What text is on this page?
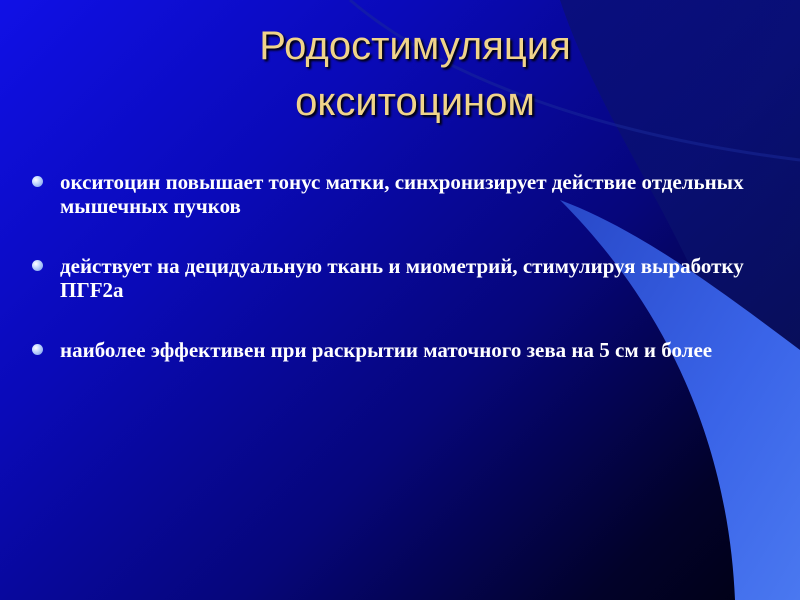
Родостимуляция
окситоцином
окситоцин повышает тонус матки, синхронизирует действие отдельных мышечных пучков
действует на децидуальную ткань и миометрий, стимулируя выработку ПГF2a
наиболее эффективен при раскрытии маточного зева на 5 см и более
